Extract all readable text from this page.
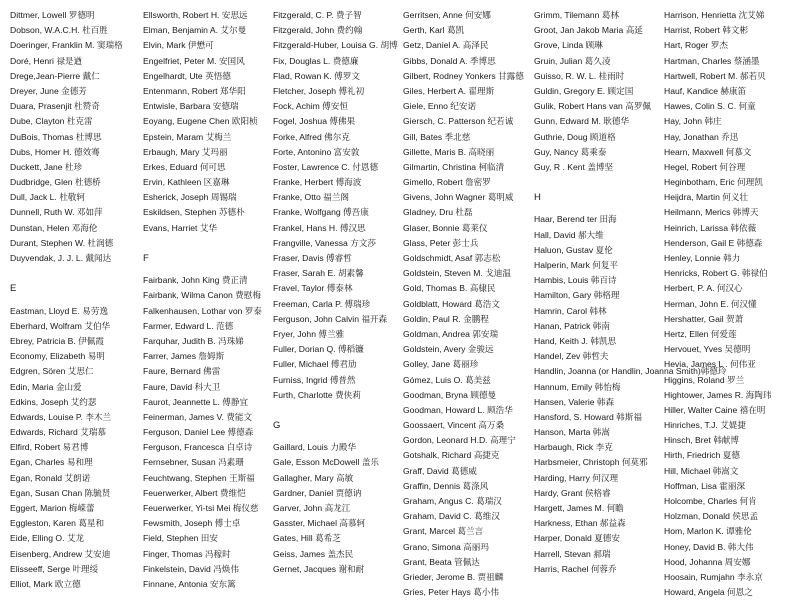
Dittmer, Lowell 罗德明
Dobson, W.A.C.H. 杜百胜
Doeringer, Franklin M. 窦瑞格
Doré, Henri 禄是遒
Drege,Jean-Pierre 戴仁
Dreyer, June 金德芳
Duara, Prasenjit 杜赞奇
Dube, Clayton 杜克雷
DuBois, Thomas 杜博思
Dubs, Homer H. 德效骞
Duckett, Jane 杜珍
Dudbridge, Glen 杜德桥
Dull, Jack L. 杜敬轲
Dunnell, Ruth W. 邓如萍
Dunstan, Helen 邓海伦
Durant, Stephen W. 杜润德
Duyvendak, J. J. L. 戴闻达
E
Eastman, Lloyd E. 易劳逸
Eberhard, Wolfram 艾伯华
Ebrey, Patricia B. 伊佩霞
Economy, Elizabeth 易明
Edgren, Sören 艾思仁
Edin, Maria 金山爱
Edkins, Joseph 艾约瑟
Edwards, Louise P. 李木兰
Edwards, Richard 艾瑞慕
Elfird, Robert 易君博
Egan, Charles 易和理
Egan, Ronald 艾朗诺
Egan, Susan Chan 陈毓贤
Eggert, Marion 梅嵘蕾
Eggleston, Karen 葛星和
Eide, Elling O. 艾龙
Eisenberg, Andrew 艾安迪
Elisseeff, Serge 叶理绥
Elliot, Mark 欧立德
Ellsworth, Robert H. 安思远
Elman, Benjamin A. 艾尔曼
Elvin, Mark 伊懋可
Engelfriet, Peter M. 安国风
Engelhardt, Ute 英悟德
Entenmann, Robert 郑华阳
Entwisle, Barbara 安德瑞
Eoyang, Eugene Chen 欧阳桢
Epstein, Maram 艾梅兰
Erbaugh, Mary 艾玛丽
Erkes, Eduard 何可思
Ervin, Kathleen 区嘉琳
Esherick, Joseph 周锡瑞
Eskildsen, Stephen 苏德朴
Evans, Harriet 艾华
F
Fairbank, John King 费正清
Fairbank, Wilma Canon 费慰梅
Falkenhausen, Lothar von 罗泰
Farmer, Edward L. 范德
Farquhar, Judith B. 冯珠娣
Farrer, James 詹姆斯
Faure, Bernard 佛雷
Faure, David 科大卫
Faurot, Jeannette L. 傅静宜
Feinerman, James V. 费能文
Ferguson, Daniel Lee 傅德森
Ferguson, Francesca 白卓诗
Fernsebner, Susan 冯素珊
Feuchtwang, Stephen 王斯福
Feuerwerker, Albert 费维恺
Feuerwerker, Yi-tsi Mei 梅仪慈
Fewsmith, Joseph 傅士卓
Field, Stephen 田安
Finger, Thomas 冯稼时
Finkelstein, David 冯焕伟
Finnane, Antonia 安东篱
Fitzgerald, C. P. 费子智
Fitzgerald, John 费约翰
Fitzgerald-Huber, Louisa G. 胡博
Fix, Douglas L. 费德廉
Flad, Rowan K. 傅罗文
Fletcher, Joseph 傅礼初
Fock, Achim 傅安恒
Fogel, Joshua 傅佛果
Forke, Alfred 佛尔克
Forte, Antonino 富安敦
Foster, Lawrence C. 付恩德
Franke, Herbert 傅海波
Franke, Otto 福兰阁
Franke, Wolfgang 傅吾康
Frankel, Hans H. 傅汉思
Frangville, Vanessa 方文莎
Fraser, Davis 傅睿哲
Fraser, Sarah E. 胡素馨
Fravel, Taylor 傅泰林
Freeman, Carla P. 傅瑞珍
Ferguson, John Calvin 福开森
Fryer, John 傅兰雅
Fuller, Dorian Q. 傅稻镰
Fuller, Michael 傅君劢
Furniss, Ingrid 傅普然
Furth, Charlotte 费侠莉
G
Gaillard, Louis 力殿华
Gale, Esson McDowell 盖乐
Gallagher, Mary 高敏
Gardner, Daniel 贾德讷
Garver, John 高龙江
Gasster, Michael 高慕轲
Gates, Hill 葛希芝
Geiss, James 盖杰民
Gernet, Jacques 谢和耐
Gerritsen, Anne 何安娜
Gerth, Karl 葛凯
Getz, Daniel A. 高泽民
Gibbs, Donald A. 季博思
Gilbert, Rodney Yonkers 甘露德
Giles, Herbert A. 翟理斯
Giele, Enno 纪安诺
Giersch, C. Patterson 纪若诚
Gill, Bates 季北慈
Gillette, Maris B. 高晓丽
Gilmartin, Christina 柯临清
Gimello, Robert 詹密罗
Givens, John Wagner 葛明威
Gladney, Dru 杜磊
Glaser, Bonnie 葛莱仪
Glass, Peter 彭士兵
Goldschmidt, Asaf 郭志松
Goldstein, Steven M. 戈迪温
Gold, Thomas B. 高棣民
Goldblatt, Howard 葛浩文
Goldin, Paul R. 金鹏程
Goldman, Andrea 郭安瑞
Goldstein, Avery 金骏远
Golley, Jane 葛丽珍
Gómez, Luis O. 葛美兹
Goodman, Bryna 顾德曼
Goodman, Howard L. 顾浩华
Goossaert, Vincent 高万桑
Gordon, Leonard H.D. 高理宁
Gotshalk, Richard 高捷克
Graff, David 葛德威
Graffin, Dennis 葛涤风
Graham, Angus C. 葛瑞汉
Graham, David C. 葛维汉
Grant, Marcel 葛兰言
Grano, Simona 高丽玛
Grant, Beata 管佩达
Grieder, Jerome B. 贾祖麟
Gries, Peter Hays 葛小伟
Grimm, Tilemann 葛林
Groot, Jan Jakob Maria 高延
Grove, Linda 顾琳
Gruin, Julian 葛久凌
Guisso, R. W. L. 桂雨时
Guldin, Gregory E. 顾定国
Gulik, Robert Hans van 高罗佩
Gunn, Edward M. 耿德华
Guthrie, Doug 顾道格
Guy, Nancy 葛乘泰
Guy, R . Kent 盖博坚
H
Haar, Berend ter 田海
Hall, David 郝大维
Haluon, Gustav 夏伦
Halperin, Mark 何复平
Hambis, Louis 韩百诗
Hamilton, Gary 韩格理
Hamrin, Carol 韩林
Hanan, Patrick 韩南
Hand, Keith J. 韩凯思
Handel, Zev 韩哲夫
Handlin, Joanna (or Handlin, Joanna Smith)韩德玲
Hannum, Emily 韩怡梅
Hansen, Valerie 韩森
Hansford, S. Howard 韩斯福
Hanson, Marta 韩嵩
Harbaugh, Rick 李克
Harbsmeier, Christoph 何莫邪
Harding, Harry 何汉理
Hardy, Grant 侯格睿
Hargett, James M. 何瞻
Harkness, Ethan 郝益森
Harper, Donald 夏德安
Harrell, Stevan 郝瑞
Harris, Rachel 何蓉乔
Harrison, Henrietta 沈艾娣
Harrist, Robert 韩文彬
Hart, Roger 罗杰
Hartman, Charles 蔡涵墨
Hartwell, Robert M. 郝若贝
Hauf, Kandice 赫康笛
Hawes, Colin S. C. 何童
Hay, John 韩庄
Hay, Jonathan 乔迅
Hearn, Maxwell 何慕文
Hegel, Robert 何谷理
Heginbotham, Eric 何理凯
Heijdra, Martin 何义壮
Heilmann, Merics 韩博天
Heinrich, Larissa 韩依薇
Henderson, Gail E 韩德森
Henley, Lonnie 韩力
Henricks, Robert G. 韩禄伯
Herbert, P. A. 何汉心
Herman, John E. 何汉懂
Hershatter, Gail 贺萧
Hertz, Ellen 何爱莲
Hervouet, Yves 吴德明
Hevia, James L . 何伟亚
Higgins, Roland 罗兰
Hightower, James R. 海陶玮
Hiller, Walter Caine 禧在明
Hinriches, T.J. 艾媞捷
Hinsch, Bret 韩献博
Hirth, Friedrich 夏德
Hill, Michael 韩嵩文
Hoffman, Lisa 霍丽深
Holcombe, Charles 何肯
Holzman, Donald 侯思孟
Hom, Marlon K. 谭雅伦
Honey, David B. 韩大伟
Hood, Johanna 周安娜
Hoosain, Rumjahn 李永京
Howard, Angela 何恩之
